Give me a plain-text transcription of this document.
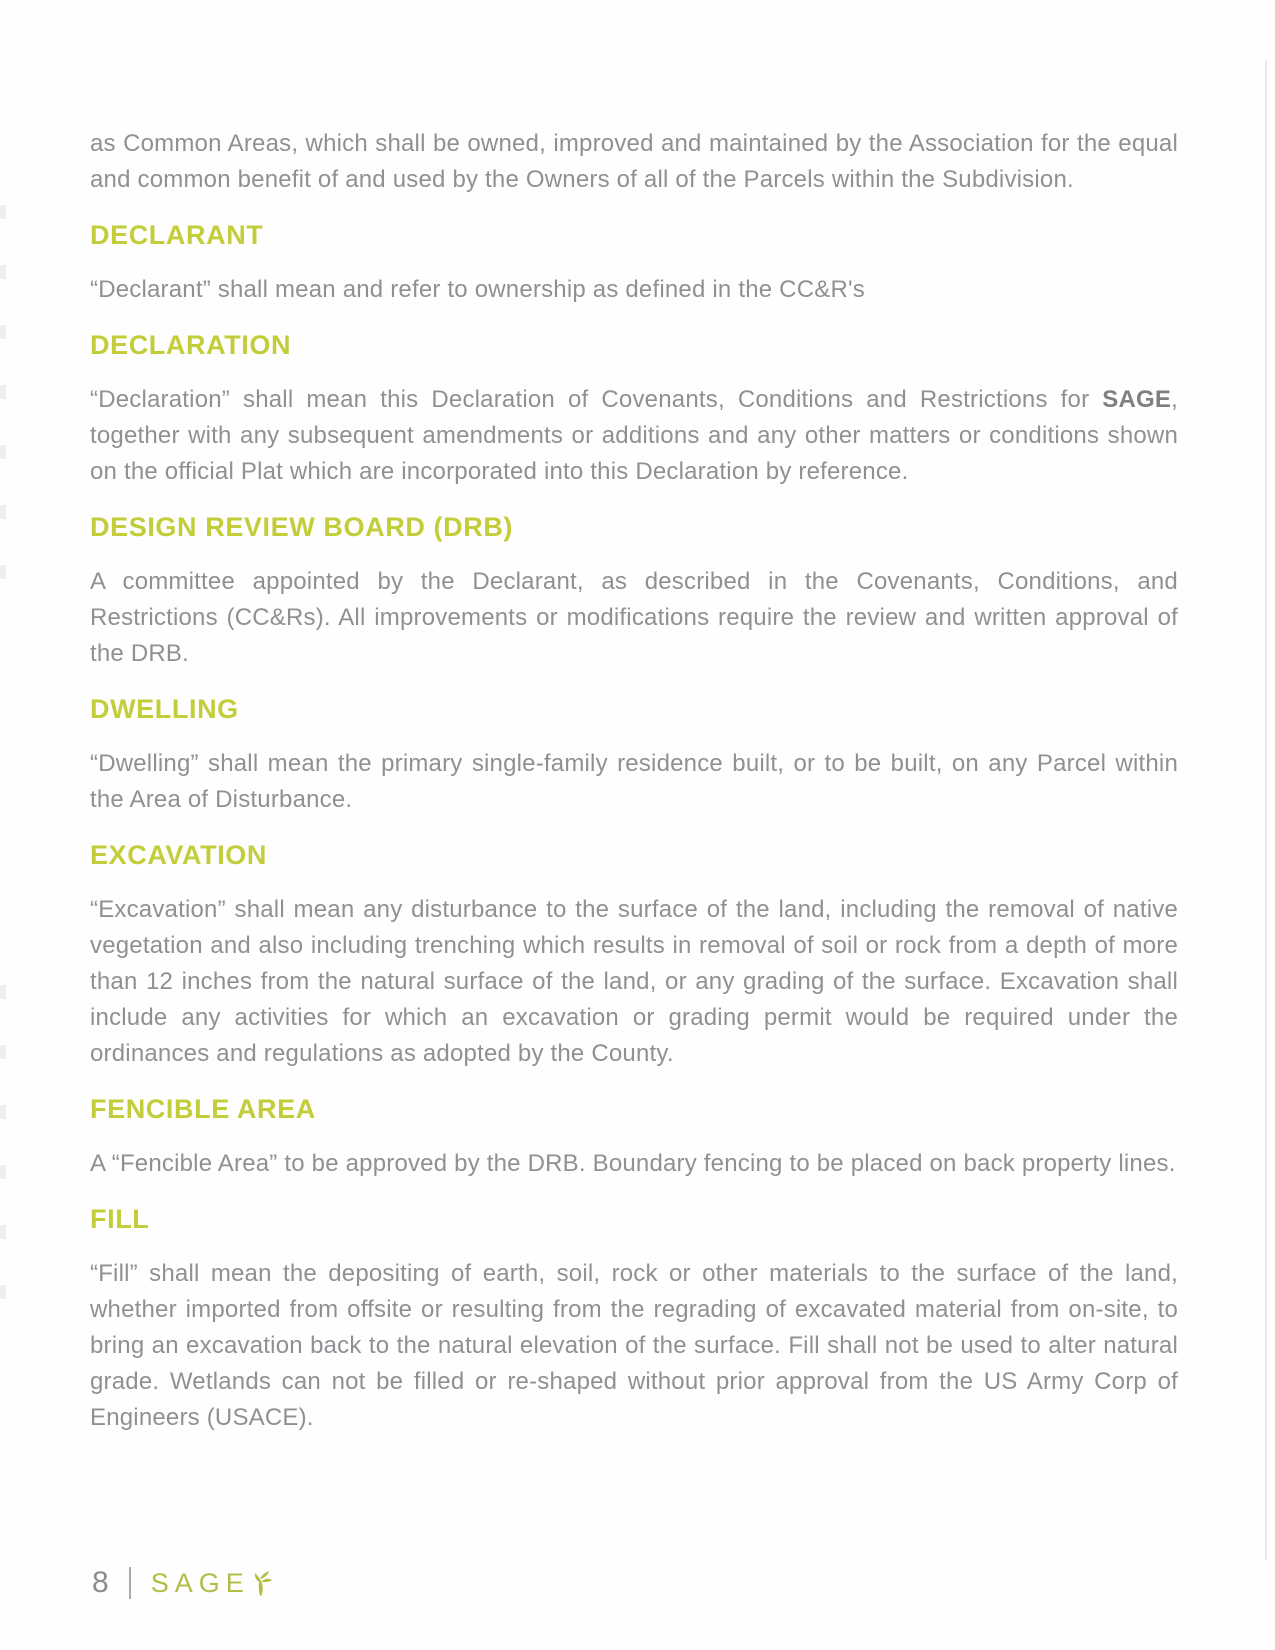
as Common Areas, which shall be owned, improved and maintained by the Association for the equal and common benefit of and used by the Owners of all of the Parcels within the Subdivision.

DECLARANT

“Declarant” shall mean and refer to ownership as defined in the CC&R's

DECLARATION

“Declaration” shall mean this Declaration of Covenants, Conditions and Restrictions for SAGE, together with any subsequent amendments or additions and any other matters or conditions shown on the official Plat which are incorporated into this Declaration by reference.

DESIGN REVIEW BOARD (DRB)

A committee appointed by the Declarant, as described in the Covenants, Conditions, and Restrictions (CC&Rs). All improvements or modifications require the review and written approval of the DRB.

DWELLING

“Dwelling” shall mean the primary single-family residence built, or to be built, on any Parcel within the Area of Disturbance.

EXCAVATION

“Excavation” shall mean any disturbance to the surface of the land, including the removal of native vegetation and also including trenching which results in removal of soil or rock from a depth of more than 12 inches from the natural surface of the land, or any grading of the surface. Excavation shall include any activities for which an excavation or grading permit would be required under the ordinances and regulations as adopted by the County.

FENCIBLE AREA

A “Fencible Area” to be approved by the DRB. Boundary fencing to be placed on back property lines.

FILL

“Fill” shall mean the depositing of earth, soil, rock or other materials to the surface of the land, whether imported from offsite or resulting from the regrading of excavated material from on-site, to bring an excavation back to the natural elevation of the surface. Fill shall not be used to alter natural grade. Wetlands can not be filled or re-shaped without prior approval from the US Army Corp of Engineers (USACE).

8 SAGE
